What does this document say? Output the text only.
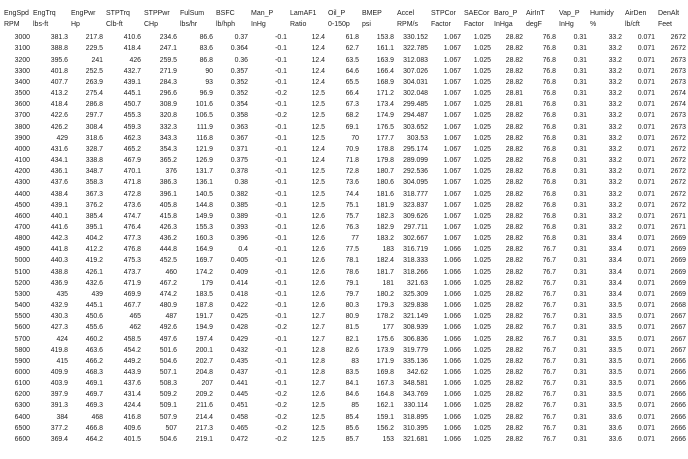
EngSpd	EngTrq	EngPwr	STPTrq	STPPwr	FulSum	BSFC	Man_P	LamAF1	Oil_P	BMEP	Accel	STPCor	SAECor	Baro_P	AirInT	Vap_P	Humidy	AirDen	DenAlt
RPM	lbs-ft	Hp	Clb-ft	CHp	lbs/hr	lb/hph	InHg	Ratio	0-150p	psi	RPM/s	Factor	Factor	InHga	degF	InHg	%	lb/cft	Feet
3000	381.3	217.8	410.6	234.6	86.6	0.37	-0.1	12.4	61.8	153.8	330.152	1.067	1.025	28.82	76.8	0.31	33.2	0.071	2672
3100	388.8	229.5	418.4	247.1	83.6	0.364	-0.1	12.4	62.7	161.1	322.785	1.067	1.025	28.82	76.8	0.31	33.2	0.071	2672
3200	395.6	241	426	259.5	86.8	0.36	-0.1	12.4	63.5	163.9	312.083	1.067	1.025	28.82	76.8	0.31	33.2	0.071	2673
3300	401.8	252.5	432.7	271.9	90	0.357	-0.1	12.4	64.6	166.4	307.026	1.067	1.025	28.82	76.8	0.31	33.2	0.071	2673
3400	407.7	263.9	439.1	284.3	93	0.352	-0.1	12.4	65.5	168.9	304.031	1.067	1.025	28.82	76.8	0.31	33.2	0.071	2673
3500	413.2	275.4	445.1	296.6	96.9	0.352	-0.2	12.5	66.4	171.2	302.048	1.067	1.025	28.81	76.8	0.31	33.2	0.071	2674
3600	418.4	286.8	450.7	308.9	101.6	0.354	-0.1	12.5	67.3	173.4	299.485	1.067	1.025	28.81	76.8	0.31	33.2	0.071	2674
3700	422.6	297.7	455.3	320.8	106.5	0.358	-0.2	12.5	68.2	174.9	294.487	1.067	1.025	28.82	76.8	0.31	33.2	0.071	2673
3800	426.2	308.4	459.3	332.3	111.9	0.363	-0.1	12.5	69.1	176.5	303.652	1.067	1.025	28.82	76.8	0.31	33.2	0.071	2673
3900	429	318.6	462.3	343.3	116.8	0.367	-0.1	12.5	70	177.7	303.53	1.067	1.025	28.82	76.8	0.31	33.2	0.071	2672
4000	431.6	328.7	465.2	354.3	121.9	0.371	-0.1	12.4	70.9	178.8	295.174	1.067	1.025	28.82	76.8	0.31	33.2	0.071	2672
4100	434.1	338.8	467.9	365.2	126.9	0.375	-0.1	12.4	71.8	179.8	289.099	1.067	1.025	28.82	76.8	0.31	33.2	0.071	2672
4200	436.1	348.7	470.1	376	131.7	0.378	-0.1	12.5	72.8	180.7	292.536	1.067	1.025	28.82	76.8	0.31	33.2	0.071	2672
4300	437.6	358.3	471.8	386.3	136.1	0.38	-0.1	12.5	73.6	180.6	304.095	1.067	1.025	28.82	76.8	0.31	33.2	0.071	2672
4400	438.4	367.3	472.8	396.1	140.5	0.382	-0.1	12.5	74.4	181.6	318.777	1.067	1.025	28.82	76.8	0.31	33.2	0.071	2672
4500	439.1	376.2	473.6	405.8	144.8	0.385	-0.1	12.5	75.1	181.9	323.837	1.067	1.025	28.82	76.8	0.31	33.2	0.071	2672
4600	440.1	385.4	474.7	415.8	149.9	0.389	-0.1	12.6	75.7	182.3	309.626	1.067	1.025	28.82	76.8	0.31	33.2	0.071	2671
4700	441.6	395.1	476.4	426.3	155.3	0.393	-0.1	12.6	76.3	182.9	297.711	1.067	1.025	28.82	76.8	0.31	33.2	0.071	2671
4800	442.3	404.2	477.3	436.2	160.3	0.396	-0.1	12.6	77	183.2	302.667	1.067	1.025	28.82	76.8	0.31	33.4	0.071	2669
4900	441.8	412.2	476.8	444.8	164.9	0.4	-0.1	12.6	77.5	183	316.719	1.066	1.025	28.82	76.7	0.31	33.4	0.071	2669
5000	440.3	419.2	475.3	452.5	169.7	0.405	-0.1	12.6	78.1	182.4	318.333	1.066	1.025	28.82	76.7	0.31	33.4	0.071	2669
5100	438.8	426.1	473.7	460	174.2	0.409	-0.1	12.6	78.6	181.7	318.266	1.066	1.025	28.82	76.7	0.31	33.4	0.071	2669
5200	436.9	432.6	471.9	467.2	179	0.414	-0.1	12.6	79.1	181	321.63	1.066	1.025	28.82	76.7	0.31	33.4	0.071	2669
5300	435	439	469.9	474.2	183.5	0.418	-0.1	12.6	79.7	180.2	325.309	1.066	1.025	28.82	76.7	0.31	33.4	0.071	2669
5400	432.9	445.1	467.7	480.9	187.8	0.422	-0.1	12.6	80.3	179.3	329.838	1.066	1.025	28.82	76.7	0.31	33.5	0.071	2668
5500	430.3	450.6	465	487	191.7	0.425	-0.1	12.7	80.9	178.2	321.149	1.066	1.025	28.82	76.7	0.31	33.5	0.071	2667
5600	427.3	455.6	462	492.6	194.9	0.428	-0.2	12.7	81.5	177	308.939	1.066	1.025	28.82	76.7	0.31	33.5	0.071	2667
5700	424	460.2	458.5	497.6	197.4	0.429	-0.1	12.7	82.1	175.6	306.836	1.066	1.025	28.82	76.7	0.31	33.5	0.071	2667
5800	419.8	463.6	454.2	501.6	200.1	0.432	-0.1	12.8	82.6	173.9	319.779	1.066	1.025	28.82	76.7	0.31	33.5	0.071	2667
5900	415	466.2	449.2	504.6	202.7	0.435	-0.1	12.8	83	171.9	335.136	1.066	1.025	28.82	76.7	0.31	33.5	0.071	2666
6000	409.9	468.3	443.9	507.1	204.8	0.437	-0.1	12.8	83.5	169.8	342.62	1.066	1.025	28.82	76.7	0.31	33.5	0.071	2666
6100	403.9	469.1	437.6	508.3	207	0.441	-0.1	12.7	84.1	167.3	348.581	1.066	1.025	28.82	76.7	0.31	33.5	0.071	2666
6200	397.9	469.7	431.4	509.2	209.2	0.445	-0.2	12.6	84.6	164.8	343.769	1.066	1.025	28.82	76.7	0.31	33.5	0.071	2666
6300	391.3	469.3	424.4	509.1	211.6	0.451	-0.2	12.5	85	162.1	330.114	1.066	1.025	28.82	76.7	0.31	33.5	0.071	2666
6400	384	468	416.8	507.9	214.4	0.458	-0.2	12.5	85.4	159.1	318.895	1.066	1.025	28.82	76.7	0.31	33.6	0.071	2666
6500	377.2	466.8	409.6	507	217.3	0.465	-0.2	12.5	85.6	156.2	310.395	1.066	1.025	28.82	76.7	0.31	33.6	0.071	2666
6600	369.4	464.2	401.5	504.6	219.1	0.472	-0.2	12.5	85.7	153	321.681	1.066	1.025	28.82	76.7	0.31	33.6	0.071	2666
